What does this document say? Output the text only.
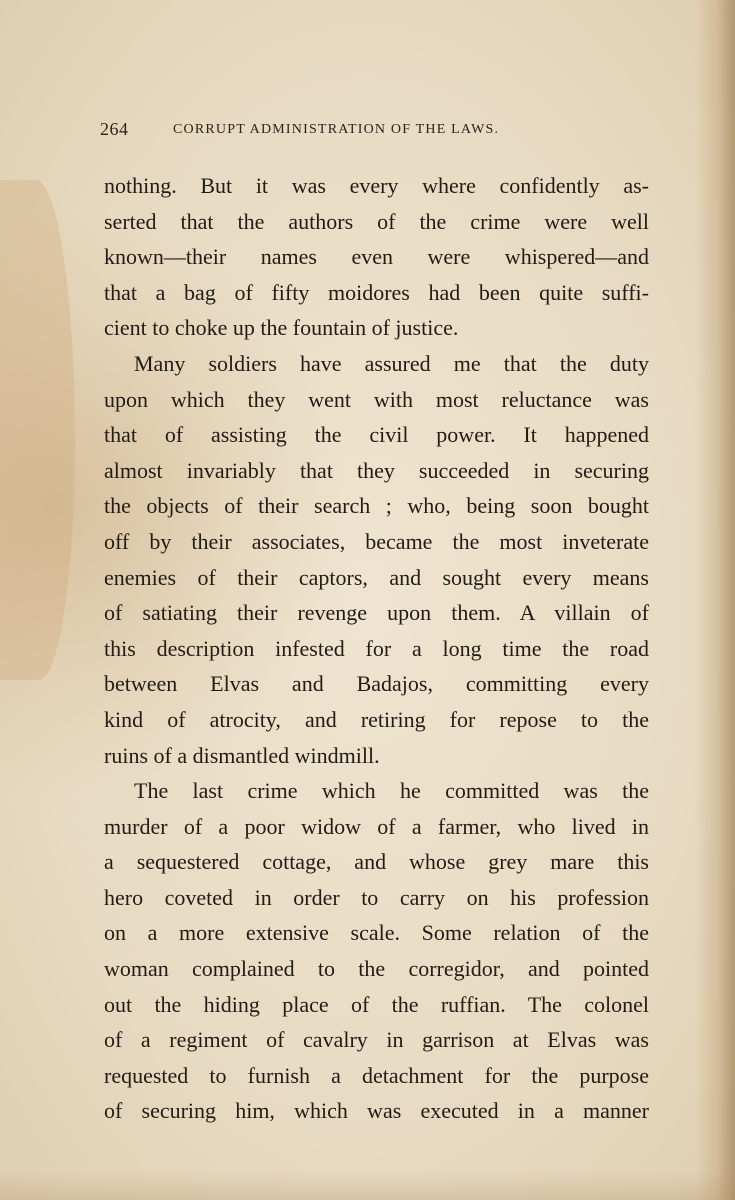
264	CORRUPT ADMINISTRATION OF THE LAWS.
nothing. But it was every where confidently as-
serted that the authors of the crime were well
known—their names even were whispered—and
that a bag of fifty moidores had been quite suffi-
cient to choke up the fountain of justice.
Many soldiers have assured me that the duty
upon which they went with most reluctance was
that of assisting the civil power. It happened
almost invariably that they succeeded in securing
the objects of their search ; who, being soon bought
off by their associates, became the most inveterate
enemies of their captors, and sought every means
of satiating their revenge upon them. A villain of
this description infested for a long time the road
between Elvas and Badajos, committing every
kind of atrocity, and retiring for repose to the
ruins of a dismantled windmill.
The last crime which he committed was the
murder of a poor widow of a farmer, who lived in
a sequestered cottage, and whose grey mare this
hero coveted in order to carry on his profession
on a more extensive scale. Some relation of the
woman complained to the corregidor, and pointed
out the hiding place of the ruffian. The colonel
of a regiment of cavalry in garrison at Elvas was
requested to furnish a detachment for the purpose
of securing him, which was executed in a manner
